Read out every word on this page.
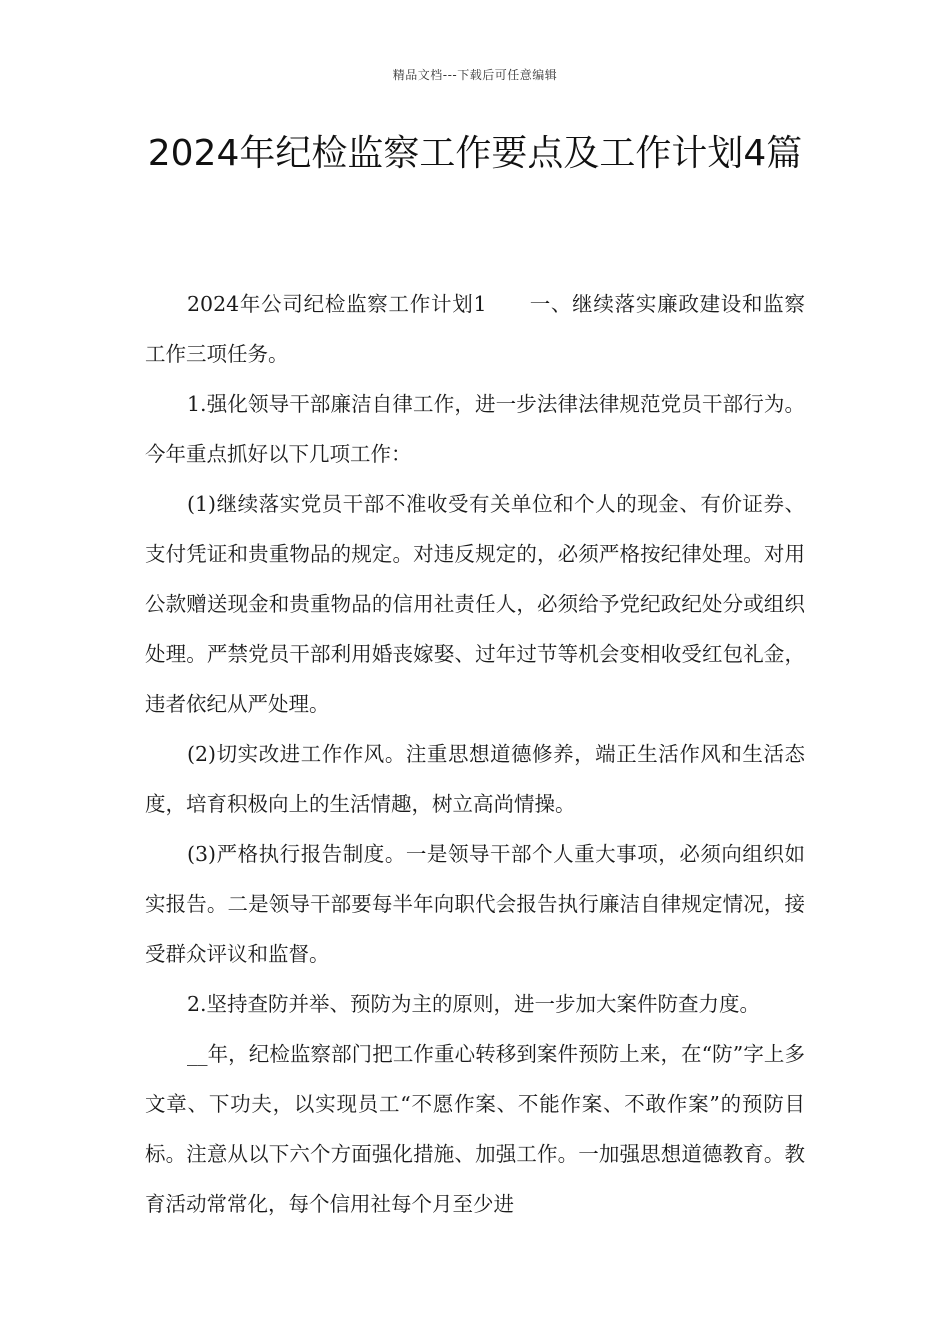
精品文档---下载后可任意编辑
2024年纪检监察工作要点及工作计划4篇

2024年公司纪检监察工作计划1　　一、继续落实廉政建设和监察工作三项任务。

1.强化领导干部廉洁自律工作，进一步法律法律规范党员干部行为。今年重点抓好以下几项工作：

(1)继续落实党员干部不准收受有关单位和个人的现金、有价证券、支付凭证和贵重物品的规定。对违反规定的，必须严格按纪律处理。对用公款赠送现金和贵重物品的信用社责任人，必须给予党纪政纪处分或组织处理。严禁党员干部利用婚丧嫁娶、过年过节等机会变相收受红包礼金，违者依纪从严处理。

(2)切实改进工作作风。注重思想道德修养，端正生活作风和生活态度，培育积极向上的生活情趣，树立高尚情操。

(3)严格执行报告制度。一是领导干部个人重大事项，必须向组织如实报告。二是领导干部要每半年向职代会报告执行廉洁自律规定情况，接受群众评议和监督。

2.坚持查防并举、预防为主的原则，进一步加大案件防查力度。

__年，纪检监察部门把工作重心转移到案件预防上来，在“防”字上多文章、下功夫，以实现员工“不愿作案、不能作案、不敢作案”的预防目标。注意从以下六个方面强化措施、加强工作。一加强思想道德教育。教育活动常常化，每个信用社每个月至少进
